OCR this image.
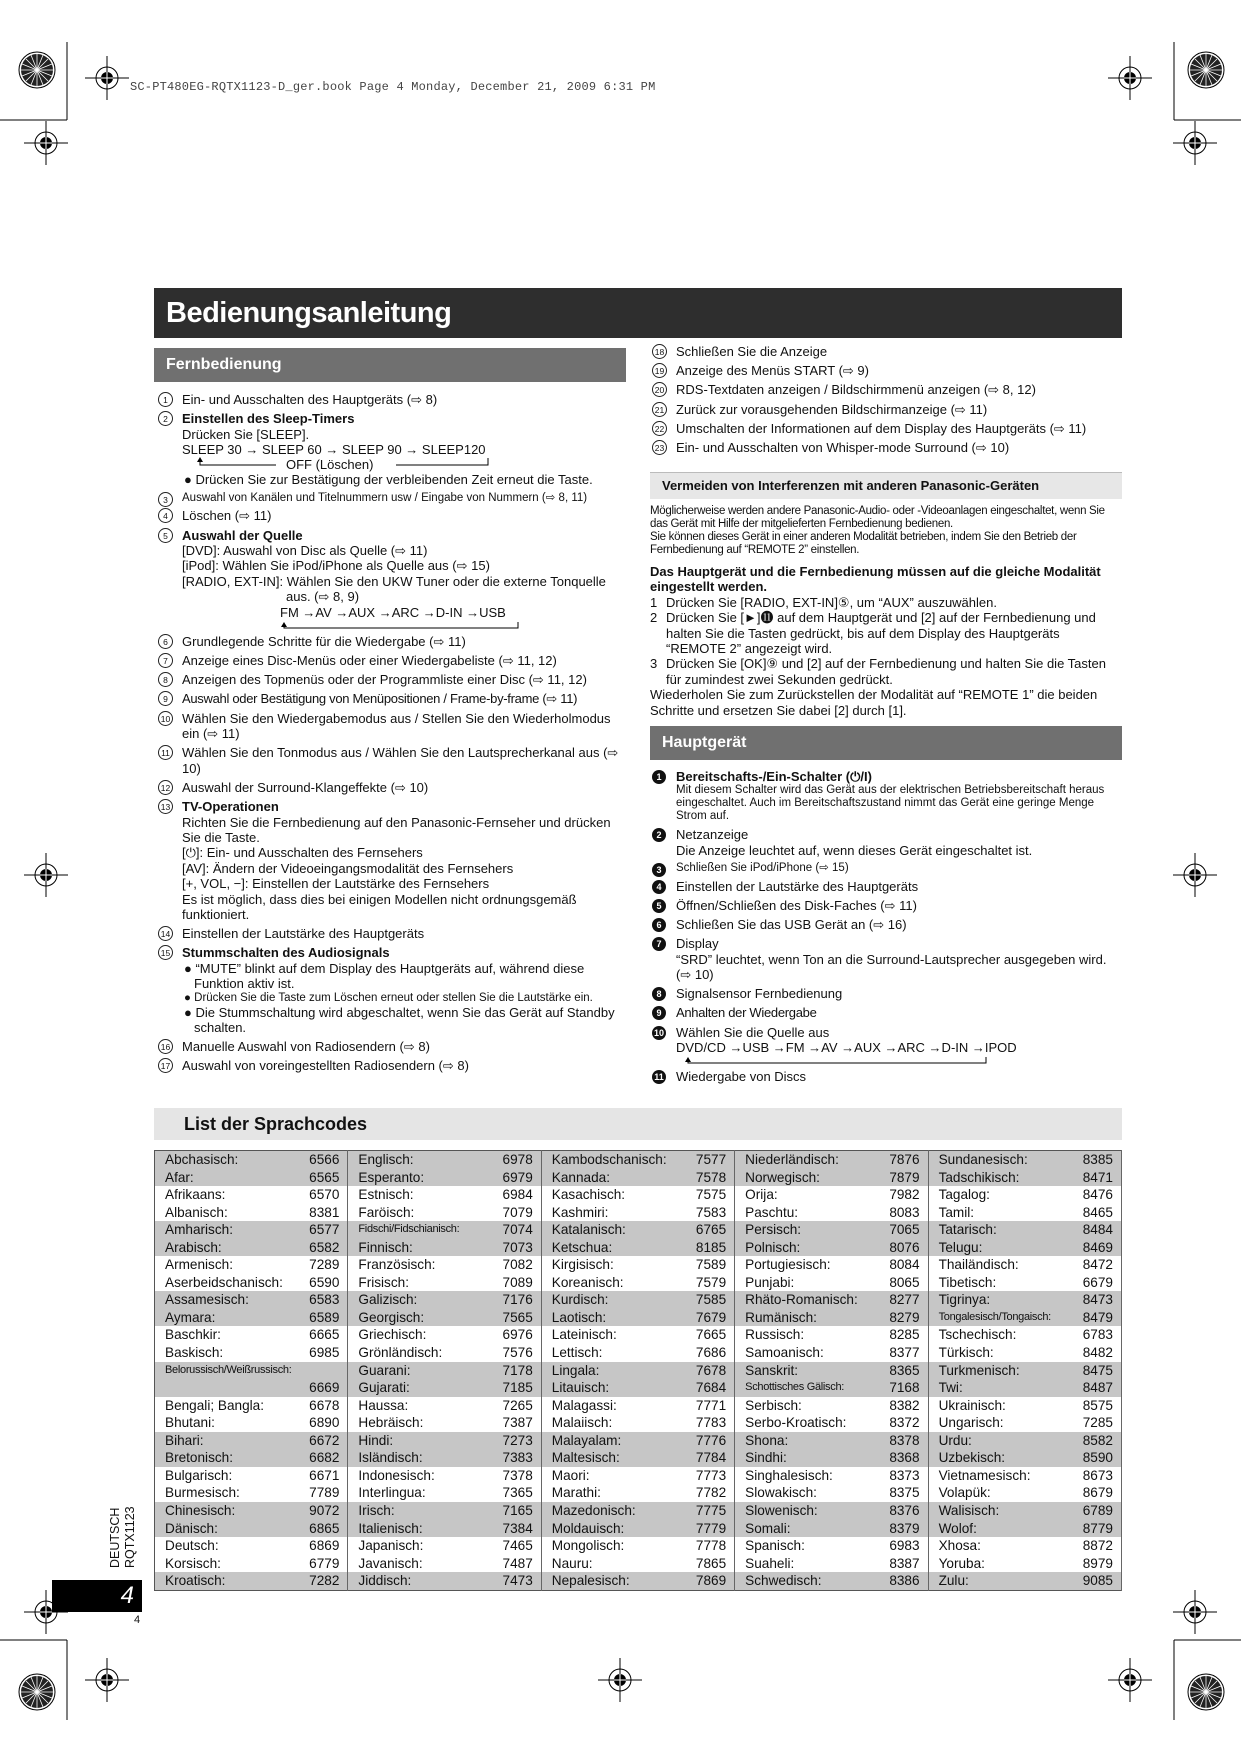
SC-PT480EG-RQTX1123-D_ger.book Page 4 Monday, December 21, 2009 6:31 PM
Bedienungsanleitung
Fernbedienung
1	Ein- und Ausschalten des Hauptgeräts (⇨ 8)
2	Einstellen des Sleep-Timers
Drücken Sie [SLEEP].
SLEEP 30 → SLEEP 60 → SLEEP 90 → SLEEP120
OFF (Löschen)
● Drücken Sie zur Bestätigung der verbleibenden Zeit erneut die Taste.
3	Auswahl von Kanälen und Titelnummern usw / Eingabe von Nummern (⇨ 8, 11)
4	Löschen (⇨ 11)
5	Auswahl der Quelle
[DVD]: Auswahl von Disc als Quelle (⇨ 11)
[iPod]: Wählen Sie iPod/iPhone als Quelle aus (⇨ 15)
[RADIO, EXT-IN]: Wählen Sie den UKW Tuner oder die externe Tonquelle
aus. (⇨ 8, 9)
FM →AV →AUX →ARC →D-IN →USB
6	Grundlegende Schritte für die Wiedergabe (⇨ 11)
7	Anzeige eines Disc-Menüs oder einer Wiedergabeliste (⇨ 11, 12)
8	Anzeigen des Topmenüs oder der Programmliste einer Disc (⇨ 11, 12)
9	Auswahl oder Bestätigung von Menüpositionen / Frame-by-frame (⇨ 11)
10 Wählen Sie den Wiedergabemodus aus / Stellen Sie den Wiederholmodus ein (⇨ 11)
11 Wählen Sie den Tonmodus aus / Wählen Sie den Lautsprecherkanal aus (⇨ 10)
12 Auswahl der Surround-Klangeffekte (⇨ 10)
13 TV-Operationen
Richten Sie die Fernbedienung auf den Panasonic-Fernseher und drücken Sie die Taste.
[⏻]: Ein- und Ausschalten des Fernsehers
[AV]: Ändern der Videoeingangsmodalität des Fernsehers
[+, VOL, −]: Einstellen der Lautstärke des Fernsehers
Es ist möglich, dass dies bei einigen Modellen nicht ordnungsgemäß funktioniert.
14 Einstellen der Lautstärke des Hauptgeräts
15 Stummschalten des Audiosignals
● “MUTE” blinkt auf dem Display des Hauptgeräts auf, während diese Funktion aktiv ist.
● Drücken Sie die Taste zum Löschen erneut oder stellen Sie die Lautstärke ein.
● Die Stummschaltung wird abgeschaltet, wenn Sie das Gerät auf Standby schalten.
16 Manuelle Auswahl von Radiosendern (⇨ 8)
17 Auswahl von voreingestellten Radiosendern (⇨ 8)
18 Schließen Sie die Anzeige
19 Anzeige des Menüs START (⇨ 9)
20 RDS-Textdaten anzeigen / Bildschirmmenü anzeigen (⇨ 8, 12)
21 Zurück zur vorausgehenden Bildschirmanzeige (⇨ 11)
22 Umschalten der Informationen auf dem Display des Hauptgeräts (⇨ 11)
23 Ein- und Ausschalten von Whisper-mode Surround (⇨ 10)
Vermeiden von Interferenzen mit anderen Panasonic-Geräten
Möglicherweise werden andere Panasonic-Audio- oder -Videoanlagen eingeschaltet, wenn Sie das Gerät mit Hilfe der mitgelieferten Fernbedienung bedienen.
Sie können dieses Gerät in einer anderen Modalität betrieben, indem Sie den Betrieb der Fernbedienung auf “REMOTE 2” einstellen.
Das Hauptgerät und die Fernbedienung müssen auf die gleiche Modalität eingestellt werden.
1 Drücken Sie [RADIO, EXT-IN]⑤, um “AUX” auszuwählen.
2 Drücken Sie [►]⓫ auf dem Hauptgerät und [2] auf der Fernbedienung und halten Sie die Tasten gedrückt, bis auf dem Display des Hauptgeräts “REMOTE 2” angezeigt wird.
3 Drücken Sie [OK]⑨ und [2] auf der Fernbedienung und halten Sie die Tasten für zumindest zwei Sekunden gedrückt.
Wiederholen Sie zum Zurückstellen der Modalität auf “REMOTE 1” die beiden Schritte und ersetzen Sie dabei [2] durch [1].
Hauptgerät
1	Bereitschafts-/Ein-Schalter (⏻/I)
Mit diesem Schalter wird das Gerät aus der elektrischen Betriebsbereitschaft heraus eingeschaltet. Auch im Bereitschaftszustand nimmt das Gerät eine geringe Menge Strom auf.
2	Netzanzeige
Die Anzeige leuchtet auf, wenn dieses Gerät eingeschaltet ist.
3	Schließen Sie iPod/iPhone (⇨ 15)
4	Einstellen der Lautstärke des Hauptgeräts
5	Öffnen/Schließen des Disk-Faches (⇨ 11)
6	Schließen Sie das USB Gerät an (⇨ 16)
7	Display
“SRD” leuchtet, wenn Ton an die Surround-Lautsprecher ausgegeben wird. (⇨ 10)
8	Signalsensor Fernbedienung
9	Anhalten der Wiedergabe
10 Wählen Sie die Quelle aus
DVD/CD →USB →FM →AV →AUX →ARC →D-IN →IPOD
11 Wiedergabe von Discs
List der Sprachcodes
Abchasisch:	6566	Englisch:	6978	Kambodschanisch:	7577	Niederländisch:	7876	Sundanesisch:	8385
Afar:	6565	Esperanto:	6979	Kannada:	7578	Norwegisch:	7879	Tadschikisch:	8471
Afrikaans:	6570	Estnisch:	6984	Kasachisch:	7575	Orija:	7982	Tagalog:	8476
Albanisch:	8381	Faröisch:	7079	Kashmiri:	7583	Paschtu:	8083	Tamil:	8465
Amharisch:	6577	Fidschi/Fidschianisch:	7074	Katalanisch:	6765	Persisch:	7065	Tatarisch:	8484
Arabisch:	6582	Finnisch:	7073	Ketschua:	8185	Polnisch:	8076	Telugu:	8469
Armenisch:	7289	Französisch:	7082	Kirgisisch:	7589	Portugiesisch:	8084	Thailändisch:	8472
Aserbeidschanisch:	6590	Frisisch:	7089	Koreanisch:	7579	Punjabi:	8065	Tibetisch:	6679
Assamesisch:	6583	Galizisch:	7176	Kurdisch:	7585	Rhäto-Romanisch:	8277	Tigrinya:	8473
Aymara:	6589	Georgisch:	7565	Laotisch:	7679	Rumänisch:	8279	Tongalesisch/Tongaisch:	8479
Baschkir:	6665	Griechisch:	6976	Lateinisch:	7665	Russisch:	8285	Tschechisch:	6783
Baskisch:	6985	Grönländisch:	7576	Lettisch:	7686	Samoanisch:	8377	Türkisch:	8482
Belorussisch/Weißrussisch:		Guarani:	7178	Lingala:	7678	Sanskrit:	8365	Turkmenisch:	8475
	6669	Gujarati:	7185	Litauisch:	7684	Schottisches Gälisch:	7168	Twi:	8487
Bengali; Bangla:	6678	Haussa:	7265	Malagassi:	7771	Serbisch:	8382	Ukrainisch:	8575
Bhutani:	6890	Hebräisch:	7387	Malaiisch:	7783	Serbo-Kroatisch:	8372	Ungarisch:	7285
Bihari:	6672	Hindi:	7273	Malayalam:	7776	Shona:	8378	Urdu:	8582
Bretonisch:	6682	Isländisch:	7383	Maltesisch:	7784	Sindhi:	8368	Uzbekisch:	8590
Bulgarisch:	6671	Indonesisch:	7378	Maori:	7773	Singhalesisch:	8373	Vietnamesisch:	8673
Burmesisch:	7789	Interlingua:	7365	Marathi:	7782	Slowakisch:	8375	Volapük:	8679
Chinesisch:	9072	Irisch:	7165	Mazedonisch:	7775	Slowenisch:	8376	Walisisch:	6789
Dänisch:	6865	Italienisch:	7384	Moldauisch:	7779	Somali:	8379	Wolof:	8779
Deutsch:	6869	Japanisch:	7465	Mongolisch:	7778	Spanisch:	6983	Xhosa:	8872
Korsisch:	6779	Javanisch:	7487	Nauru:	7865	Suaheli:	8387	Yoruba:	8979
Kroatisch:	7282	Jiddisch:	7473	Nepalesisch:	7869	Schwedisch:	8386	Zulu:	9085
DEUTSCH RQTX1123
4
4
